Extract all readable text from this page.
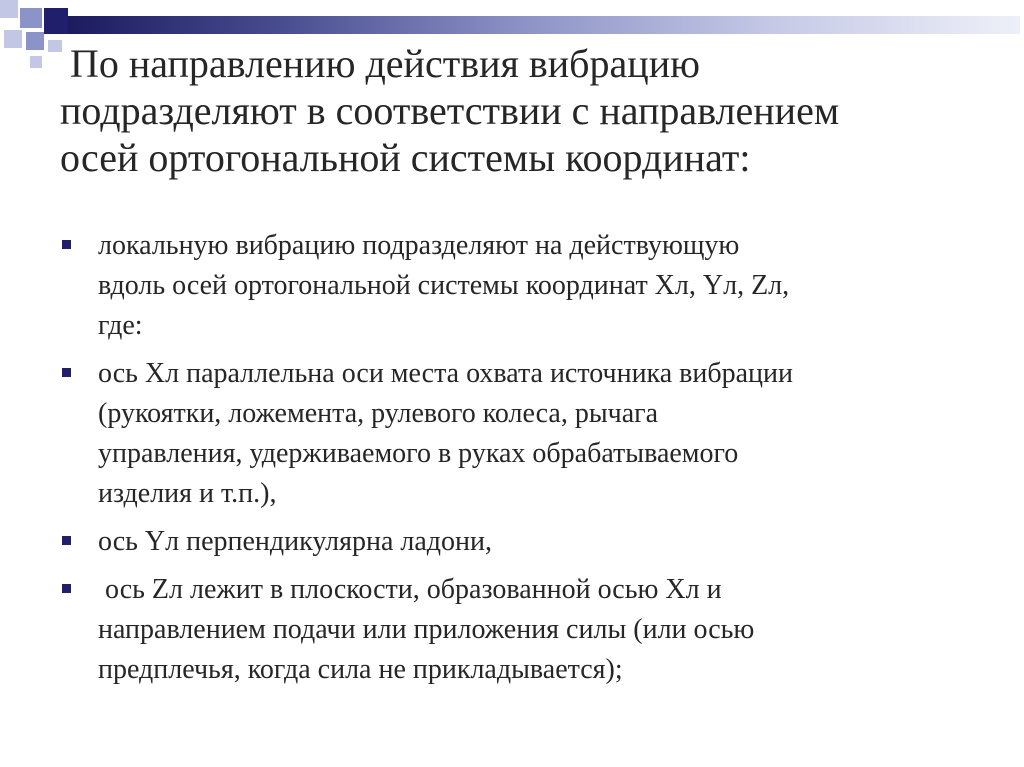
По направлению действия вибрацию
подразделяют в соответствии с направлением
осей ортогональной системы координат:
локальную вибрацию подразделяют на действующую
вдоль осей ортогональной системы координат Хл, Yл, Zл,
где:
ось Хл параллельна оси места охвата источника вибрации
(рукоятки, ложемента, рулевого колеса, рычага
управления, удерживаемого в руках обрабатываемого
изделия и т.п.),
ось Yл перпендикулярна ладони,
ось Zл лежит в плоскости, образованной осью Хл и
направлением подачи или приложения силы (или осью
предплечья, когда сила не прикладывается);
